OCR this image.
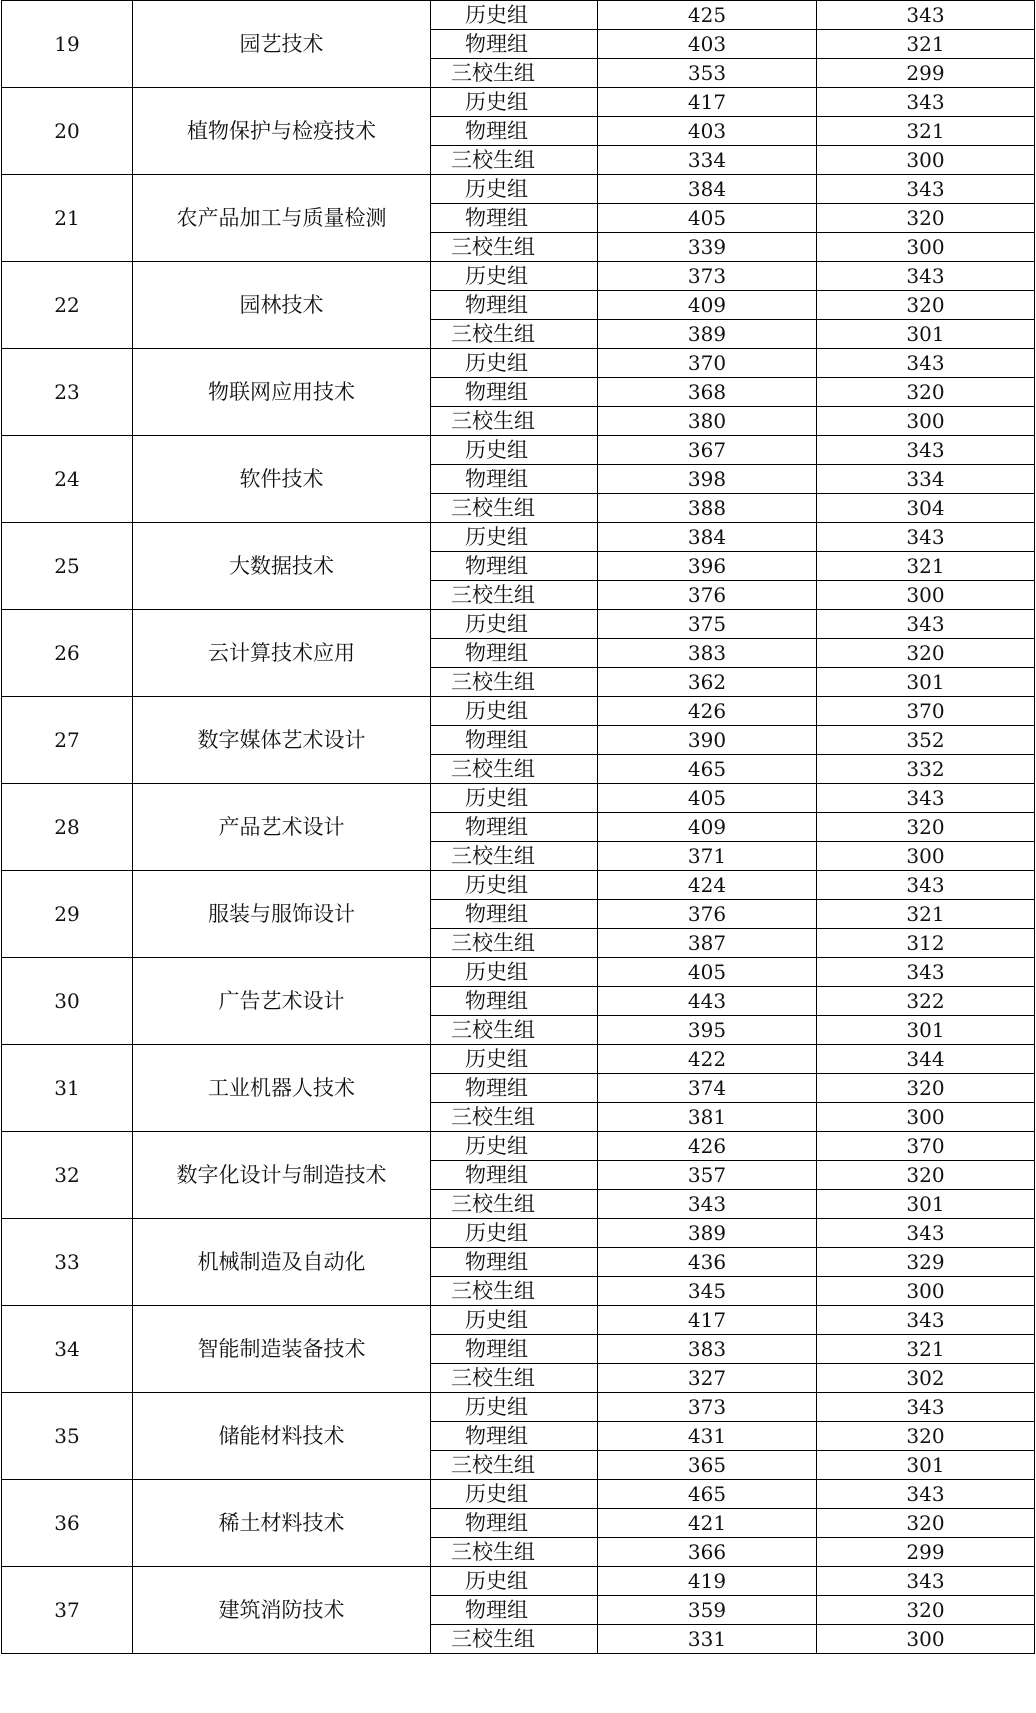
19	园艺技术	历史组	425	343
		物理组	403	321
		三校生组	353	299
20	植物保护与检疫技术	历史组	417	343
		物理组	403	321
		三校生组	334	300
21	农产品加工与质量检测	历史组	384	343
		物理组	405	320
		三校生组	339	300
22	园林技术	历史组	373	343
		物理组	409	320
		三校生组	389	301
23	物联网应用技术	历史组	370	343
		物理组	368	320
		三校生组	380	300
24	软件技术	历史组	367	343
		物理组	398	334
		三校生组	388	304
25	大数据技术	历史组	384	343
		物理组	396	321
		三校生组	376	300
26	云计算技术应用	历史组	375	343
		物理组	383	320
		三校生组	362	301
27	数字媒体艺术设计	历史组	426	370
		物理组	390	352
		三校生组	465	332
28	产品艺术设计	历史组	405	343
		物理组	409	320
		三校生组	371	300
29	服装与服饰设计	历史组	424	343
		物理组	376	321
		三校生组	387	312
30	广告艺术设计	历史组	405	343
		物理组	443	322
		三校生组	395	301
31	工业机器人技术	历史组	422	344
		物理组	374	320
		三校生组	381	300
32	数字化设计与制造技术	历史组	426	370
		物理组	357	320
		三校生组	343	301
33	机械制造及自动化	历史组	389	343
		物理组	436	329
		三校生组	345	300
34	智能制造装备技术	历史组	417	343
		物理组	383	321
		三校生组	327	302
35	储能材料技术	历史组	373	343
		物理组	431	320
		三校生组	365	301
36	稀土材料技术	历史组	465	343
		物理组	421	320
		三校生组	366	299
37	建筑消防技术	历史组	419	343
		物理组	359	320
		三校生组	331	300
